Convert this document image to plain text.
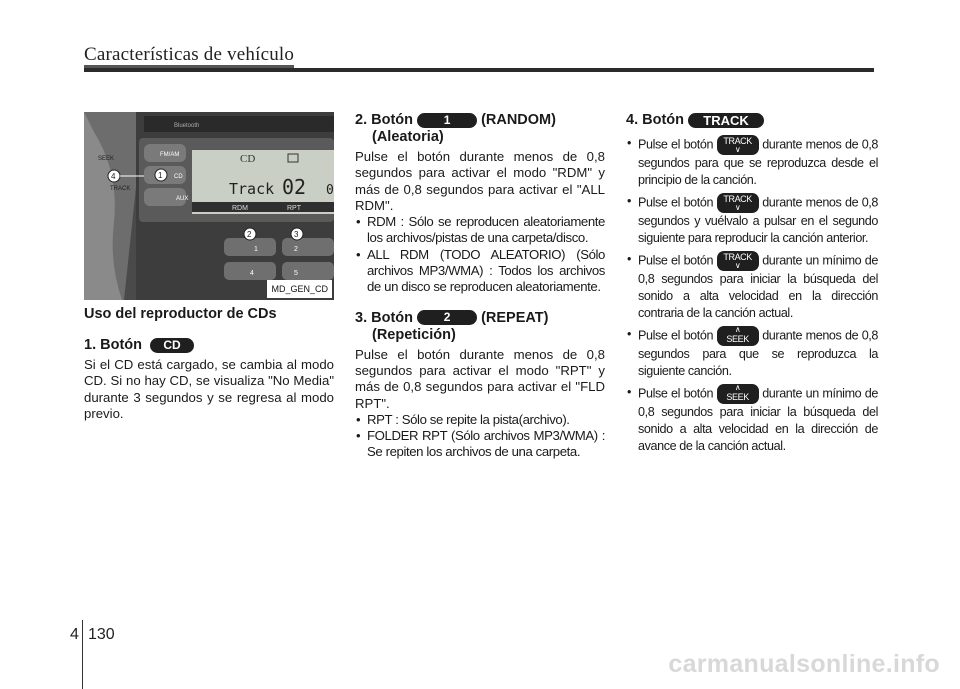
Características de vehículo
Bluetooth
FM/AM
CD
AUX
CD
Track 02 0
RDM	RPT
1	2
4	5
SEEK
TRACK
4	1
2	3
MD_GEN_CD
Uso del reproductor de CDs
1. Botón CD

Si el CD está cargado, se cambia al modo CD. Si no hay CD, se visualiza "No Media" durante 3 segundos y se regresa al modo previo.

2. Botón	1 (RANDOM)
(Aleatoria)

Pulse el botón durante menos de 0,8 segundos para activar el modo "RDM" y más de 0,8 segundos para activar el "ALL RDM".

• RDM : Sólo se reproducen aleatoriamente los archivos/pistas de una carpeta/disco.
• ALL RDM (TODO ALEATORIO) (Sólo archivos MP3/WMA) : Todos los archivos de un disco se reproducen aleatoriamente.
3. Botón	2 (REPEAT)
(Repetición)

Pulse el botón durante menos de 0,8 segundos para activar el modo "RPT" y más de 0,8 segundos para activar el "FLD RPT".

• RPT : Sólo se repite la pista(archivo).
• FOLDER RPT (Sólo archivos MP3/WMA) : Se repiten los archivos de una carpeta.
4. Botón TRACK
• Pulse el botón	TRACK
∨	durante menos de 0,8 segundos para que se reproduzca desde el principio de la canción.
• Pulse el botón	TRACK
∨	durante menos de 0,8 segundos y vuélvalo a pulsar en el segundo siguiente para reproducir la canción anterior.
• Pulse el botón	TRACK
∨	durante un mínimo de 0,8 segundos para iniciar la búsqueda del sonido a alta velocidad en la dirección contraria de la canción actual.
• Pulse el botón	∧
SEEK	durante menos de 0,8 segundos para que se reproduzca la siguiente canción.
• Pulse el botón	∧
SEEK	durante un mínimo de 0,8 segundos para iniciar la búsqueda del sonido a alta velocidad en la dirección de avance de la canción actual.
4 130
carmanualsonline.info
